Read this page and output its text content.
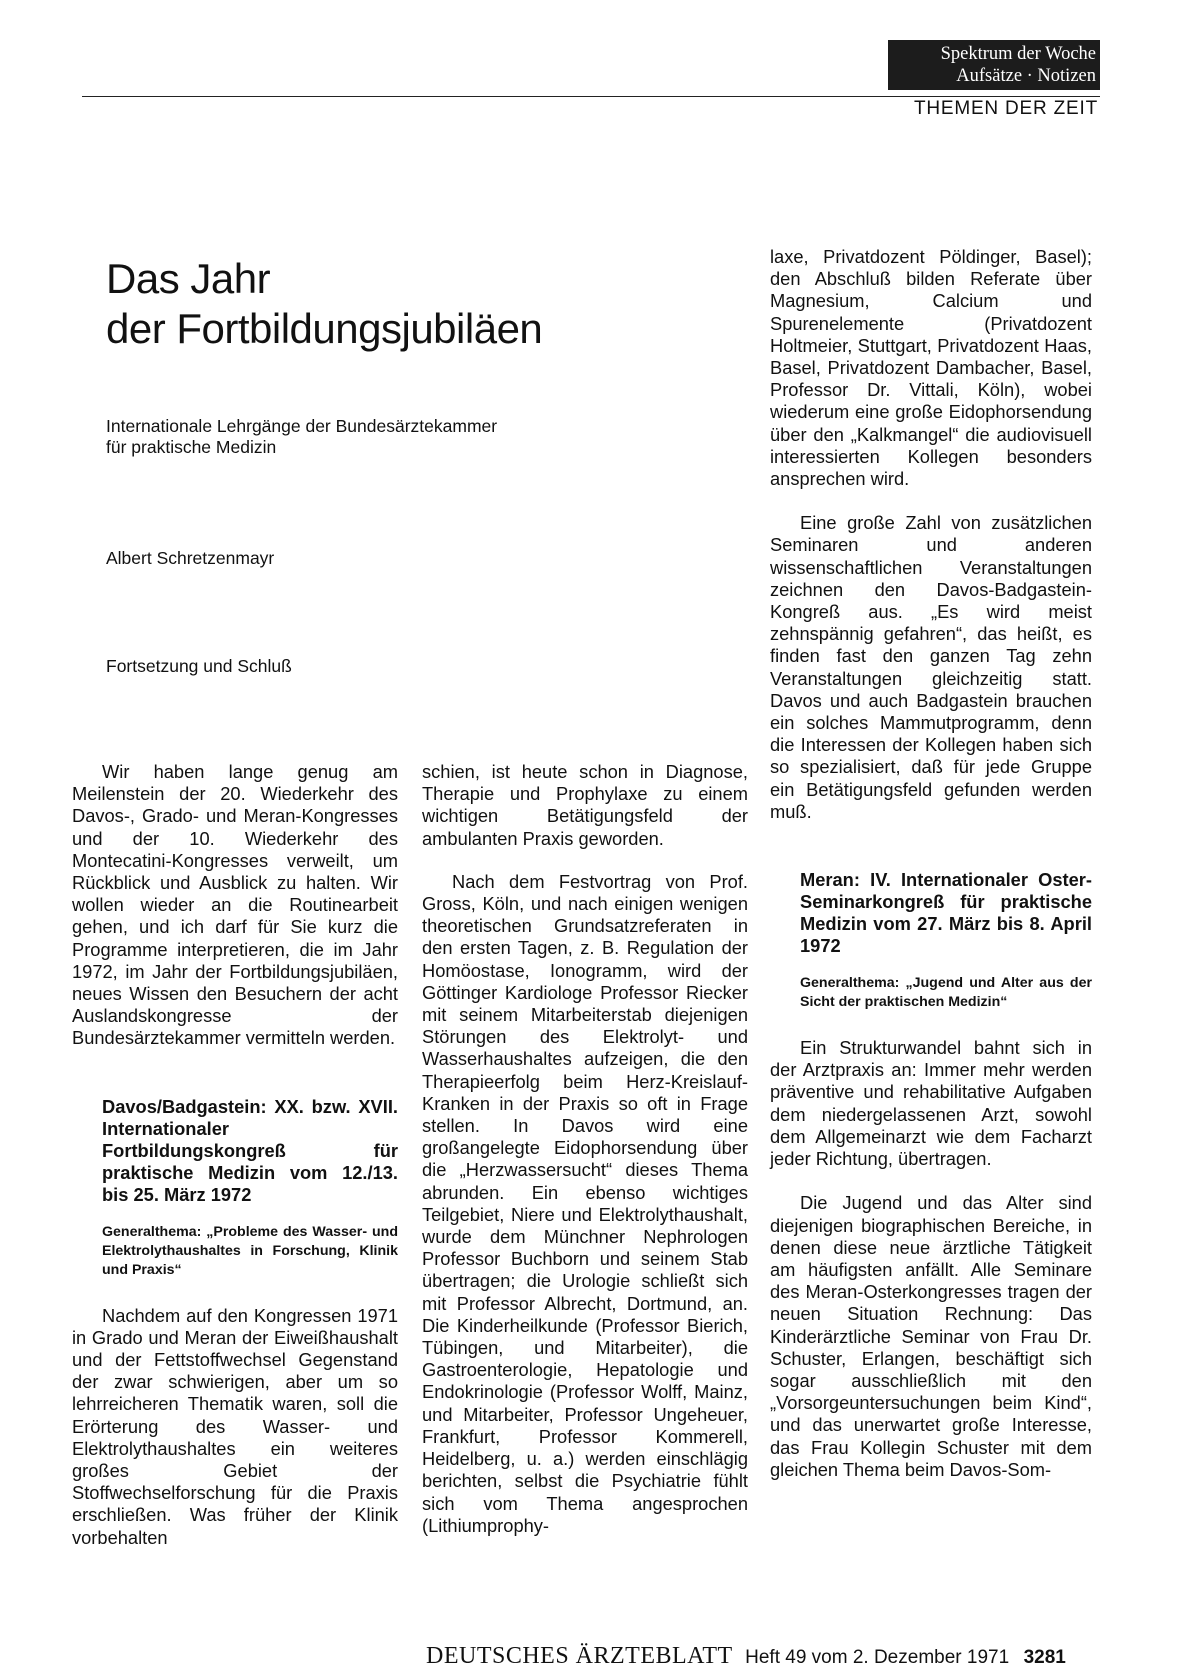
Spektrum der Woche
Aufsätze · Notizen
THEMEN DER ZEIT
Das Jahr
der Fortbildungsjubiläen
Internationale Lehrgänge der Bundesärztekammer
für praktische Medizin
Albert Schretzenmayr
Fortsetzung und Schluß

Wir haben lange genug am Meilenstein der 20. Wiederkehr des Davos-, Grado- und Meran-Kongresses und der 10. Wiederkehr des Montecatini-Kongresses verweilt, um Rückblick und Ausblick zu halten. Wir wollen wieder an die Routinearbeit gehen, und ich darf für Sie kurz die Programme interpretieren, die im Jahr 1972, im Jahr der Fortbildungsjubiläen, neues Wissen den Besuchern der acht Auslandskongresse der Bundesärztekammer vermitteln werden.

Davos/Badgastein: XX. bzw. XVII. Internationaler Fortbildungskongreß für praktische Medizin vom 12./13. bis 25. März 1972

Generalthema: „Probleme des Wasser- und Elektrolythaushaltes in Forschung, Klinik und Praxis“

Nachdem auf den Kongressen 1971 in Grado und Meran der Eiweißhaushalt und der Fettstoffwechsel Gegenstand der zwar schwierigen, aber um so lehrreicheren Thematik waren, soll die Erörterung des Wasser- und Elektrolythaushaltes ein weiteres großes Gebiet der Stoffwechselforschung für die Praxis erschließen. Was früher der Klinik vorbehalten

schien, ist heute schon in Diagnose, Therapie und Prophylaxe zu einem wichtigen Betätigungsfeld der ambulanten Praxis geworden.

Nach dem Festvortrag von Prof. Gross, Köln, und nach einigen wenigen theoretischen Grundsatzreferaten in den ersten Tagen, z. B. Regulation der Homöostase, Ionogramm, wird der Göttinger Kardiologe Professor Riecker mit seinem Mitarbeiterstab diejenigen Störungen des Elektrolyt- und Wasserhaushaltes aufzeigen, die den Therapieerfolg beim Herz-Kreislauf-Kranken in der Praxis so oft in Frage stellen. In Davos wird eine großangelegte Eidophorsendung über die „Herzwassersucht“ dieses Thema abrunden. Ein ebenso wichtiges Teilgebiet, Niere und Elektrolythaushalt, wurde dem Münchner Nephrologen Professor Buchborn und seinem Stab übertragen; die Urologie schließt sich mit Professor Albrecht, Dortmund, an. Die Kinderheilkunde (Professor Bierich, Tübingen, und Mitarbeiter), die Gastroenterologie, Hepatologie und Endokrinologie (Professor Wolff, Mainz, und Mitarbeiter, Professor Ungeheuer, Frankfurt, Professor Kommerell, Heidelberg, u. a.) werden einschlägig berichten, selbst die Psychiatrie fühlt sich vom Thema angesprochen (Lithiumprophy-

laxe, Privatdozent Pöldinger, Basel); den Abschluß bilden Referate über Magnesium, Calcium und Spurenelemente (Privatdozent Holtmeier, Stuttgart, Privatdozent Haas, Basel, Privatdozent Dambacher, Basel, Professor Dr. Vittali, Köln), wobei wiederum eine große Eidophorsendung über den „Kalkmangel“ die audiovisuell interessierten Kollegen besonders ansprechen wird.

Eine große Zahl von zusätzlichen Seminaren und anderen wissenschaftlichen Veranstaltungen zeichnen den Davos-Badgastein-Kongreß aus. „Es wird meist zehnspännig gefahren“, das heißt, es finden fast den ganzen Tag zehn Veranstaltungen gleichzeitig statt. Davos und auch Badgastein brauchen ein solches Mammutprogramm, denn die Interessen der Kollegen haben sich so spezialisiert, daß für jede Gruppe ein Betätigungsfeld gefunden werden muß.

Meran: IV. Internationaler Oster-Seminarkongreß für praktische Medizin vom 27. März bis 8. April 1972

Generalthema: „Jugend und Alter aus der Sicht der praktischen Medizin“

Ein Strukturwandel bahnt sich in der Arztpraxis an: Immer mehr werden präventive und rehabilitative Aufgaben dem niedergelassenen Arzt, sowohl dem Allgemeinarzt wie dem Facharzt jeder Richtung, übertragen.

Die Jugend und das Alter sind diejenigen biographischen Bereiche, in denen diese neue ärztliche Tätigkeit am häufigsten anfällt. Alle Seminare des Meran-Osterkongresses tragen der neuen Situation Rechnung: Das Kinderärztliche Seminar von Frau Dr. Schuster, Erlangen, beschäftigt sich sogar ausschließlich mit den „Vorsorgeuntersuchungen beim Kind“, und das unerwartet große Interesse, das Frau Kollegin Schuster mit dem gleichen Thema beim Davos-Som-

DEUTSCHES ÄRZTEBLATT Heft 49 vom 2. Dezember 1971 3281
